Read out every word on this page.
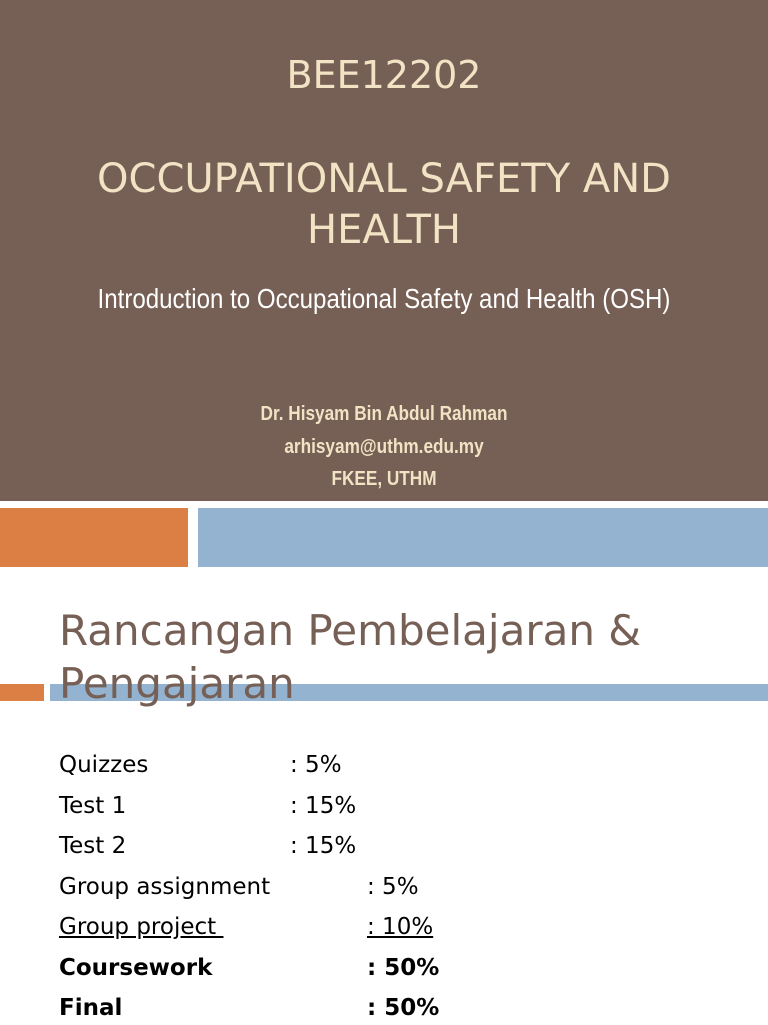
BEE12202
OCCUPATIONAL SAFETY AND HEALTH
Introduction to Occupational Safety and Health (OSH)
Dr. Hisyam Bin Abdul Rahman
arhisyam@uthm.edu.my
FKEE, UTHM
Rancangan Pembelajaran & Pengajaran
Quizzes	: 5%
Test 1	: 15%
Test 2	: 15%
Group assignment	: 5%
Group project	: 10%
Coursework	: 50%
Final	: 50%
